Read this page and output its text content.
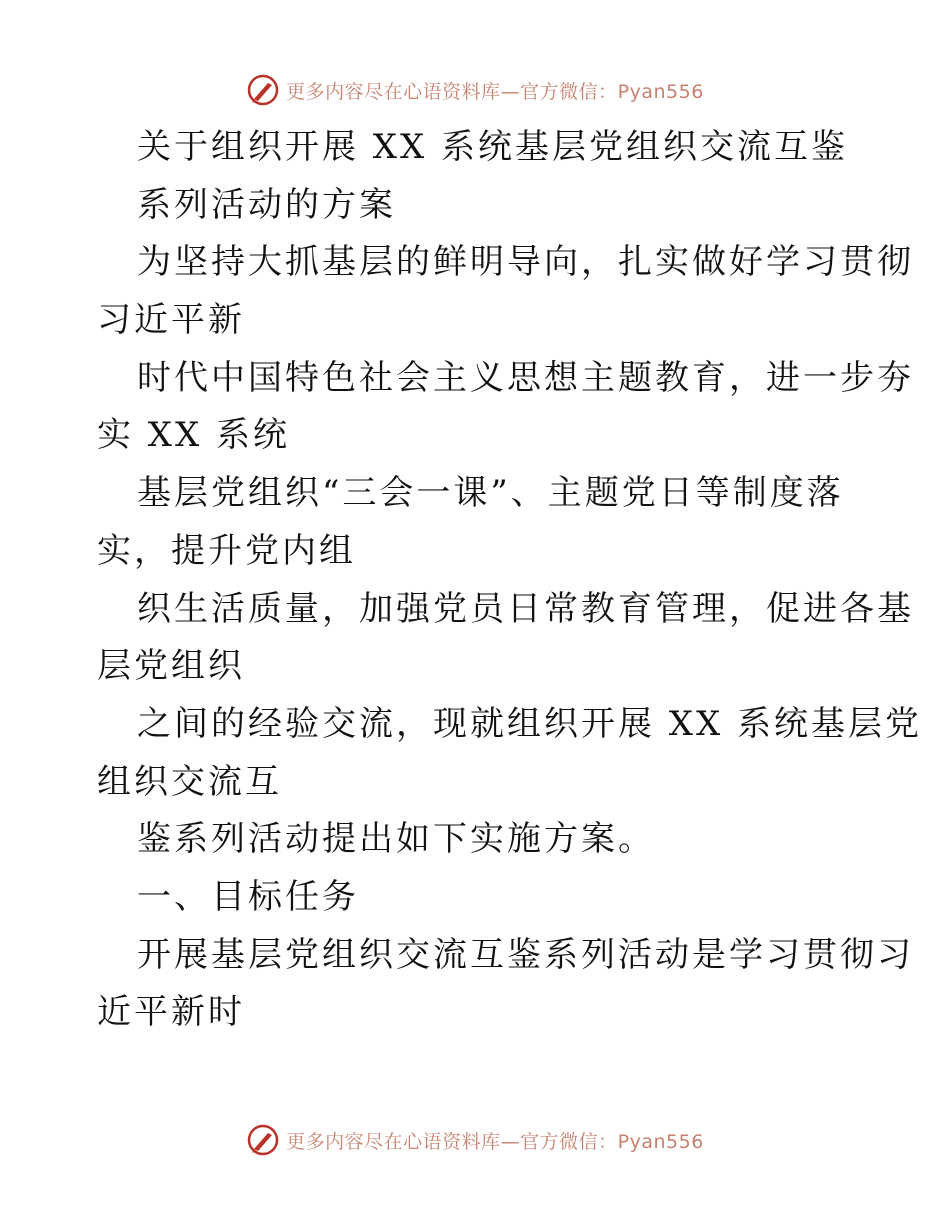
更多内容尽在心语资料库—官方微信：Pyan556
关于组织开展 XX 系统基层党组织交流互鉴
系列活动的方案
为坚持大抓基层的鲜明导向，扎实做好学习贯彻
习近平新
时代中国特色社会主义思想主题教育，进一步夯
实 XX 系统
基层党组织“三会一课”、主题党日等制度落
实，提升党内组
织生活质量，加强党员日常教育管理，促进各基
层党组织
之间的经验交流，现就组织开展 XX 系统基层党
组织交流互
鉴系列活动提出如下实施方案。
一、目标任务
开展基层党组织交流互鉴系列活动是学习贯彻习
近平新时
更多内容尽在心语资料库—官方微信：Pyan556
